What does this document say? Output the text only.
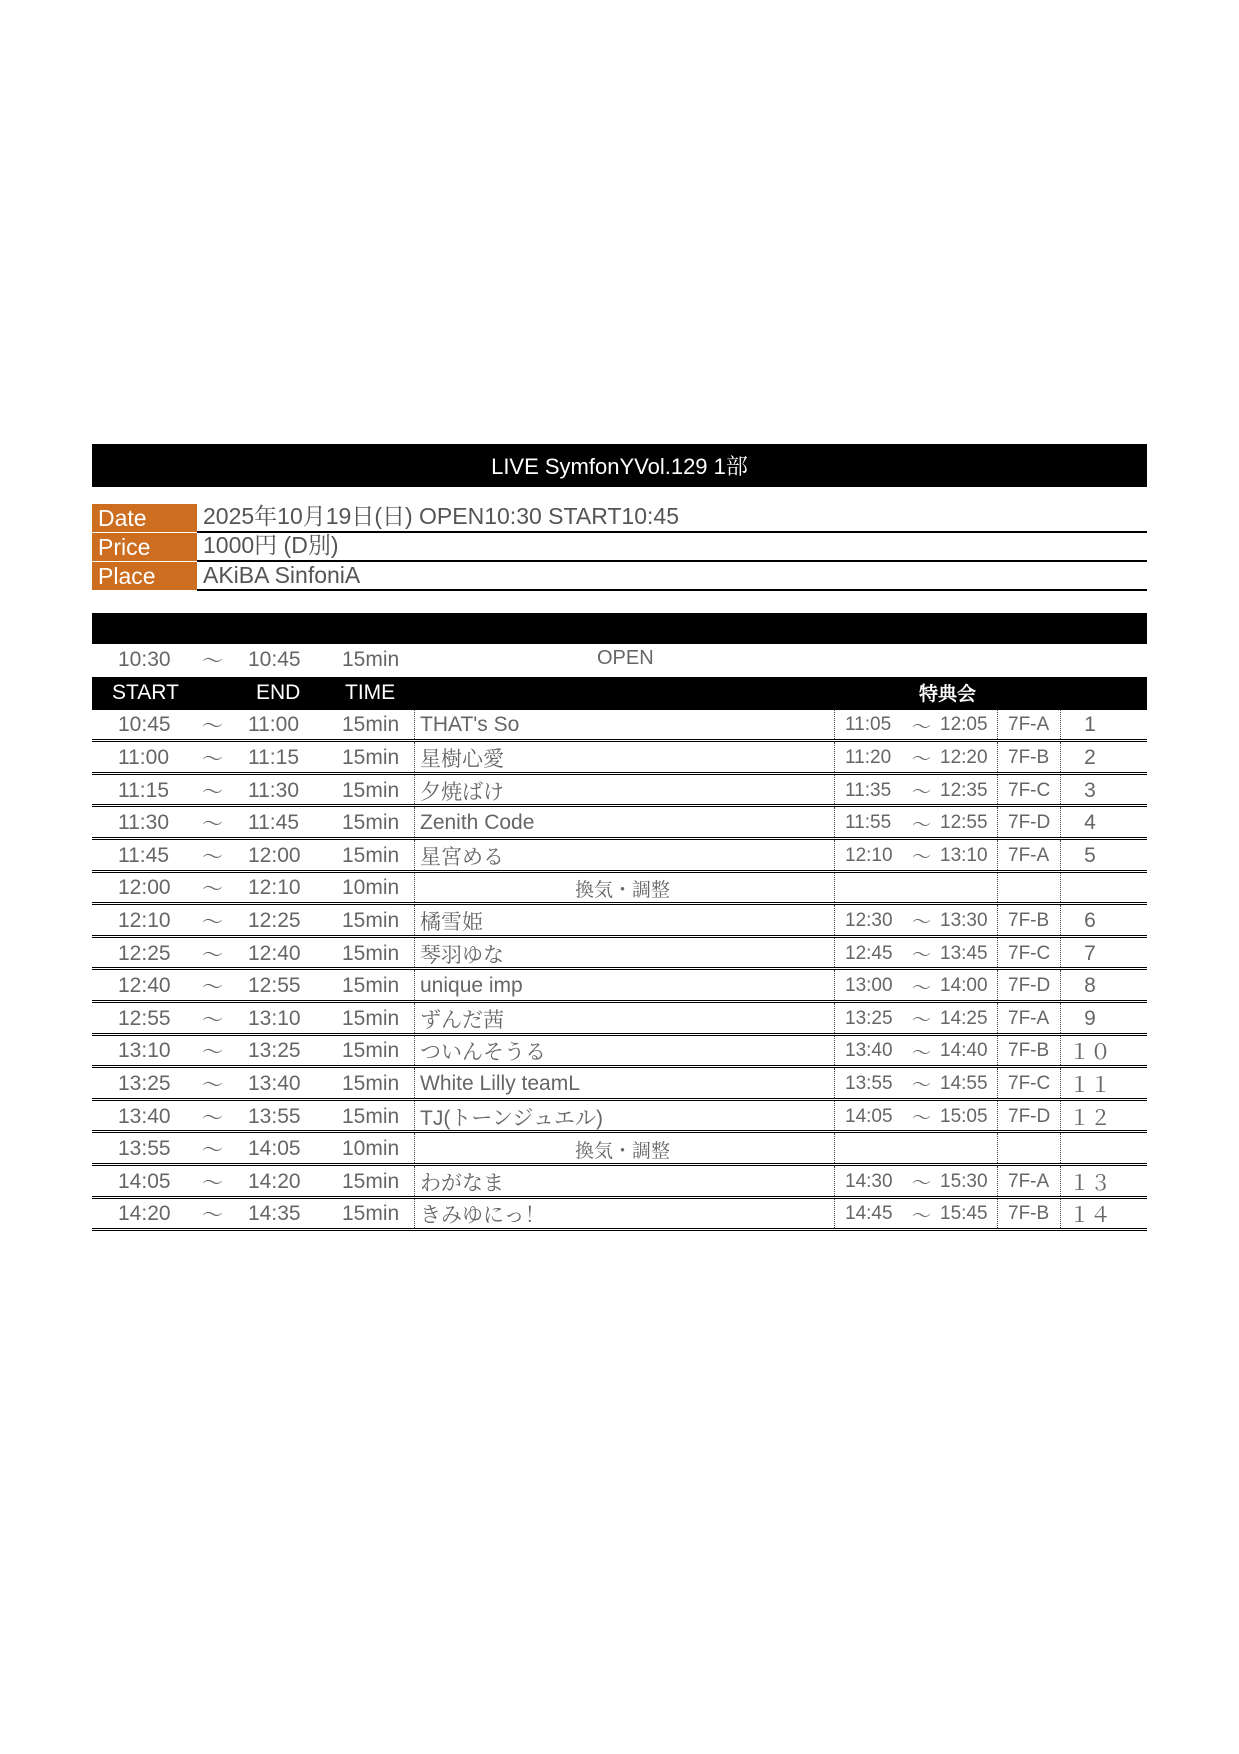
LIVE SymfonYVol.129 1部
Date	2025年10月19日(日) OPEN10:30 START10:45
Price	1000円 (D別)
Place	AKiBA SinfoniA
10:30 〜 10:45 15min	OPEN
START	END TIME	特典会
10:45 〜 11:00 15min THAT's So	11:05 〜 12:05 7F-A	1
11:00 〜 11:15 15min 星樹心愛	11:20 〜 12:20 7F-B	2
11:15 〜 11:30 15min 夕焼ばけ	11:35 〜 12:35 7F-C	3
11:30 〜 11:45 15min Zenith Code	11:55 〜 12:55 7F-D	4
11:45 〜 12:00 15min 星宮める	12:10 〜 13:10 7F-A	5
12:00 〜 12:10 10min	換気・調整
12:10 〜 12:25 15min 橘雪姫	12:30 〜 13:30 7F-B	6
12:25 〜 12:40 15min 琴羽ゆな	12:45 〜 13:45 7F-C	7
12:40 〜 12:55 15min unique imp	13:00 〜 14:00 7F-D	8
12:55 〜 13:10 15min ずんだ茜	13:25 〜 14:25 7F-A	9
13:10 〜 13:25 15min ついんそうる	13:40 〜 14:40 7F-B １０
13:25 〜 13:40 15min White Lilly teamL	13:55 〜 14:55 7F-C １１
13:40 〜 13:55 15min TJ(トーンジュエル)	14:05 〜 15:05 7F-D １２
13:55 〜 14:05 10min	換気・調整
14:05 〜 14:20 15min わがなま	14:30 〜 15:30 7F-A １３
14:20 〜 14:35 15min きみゆにっ！	14:45 〜 15:45 7F-B １４
